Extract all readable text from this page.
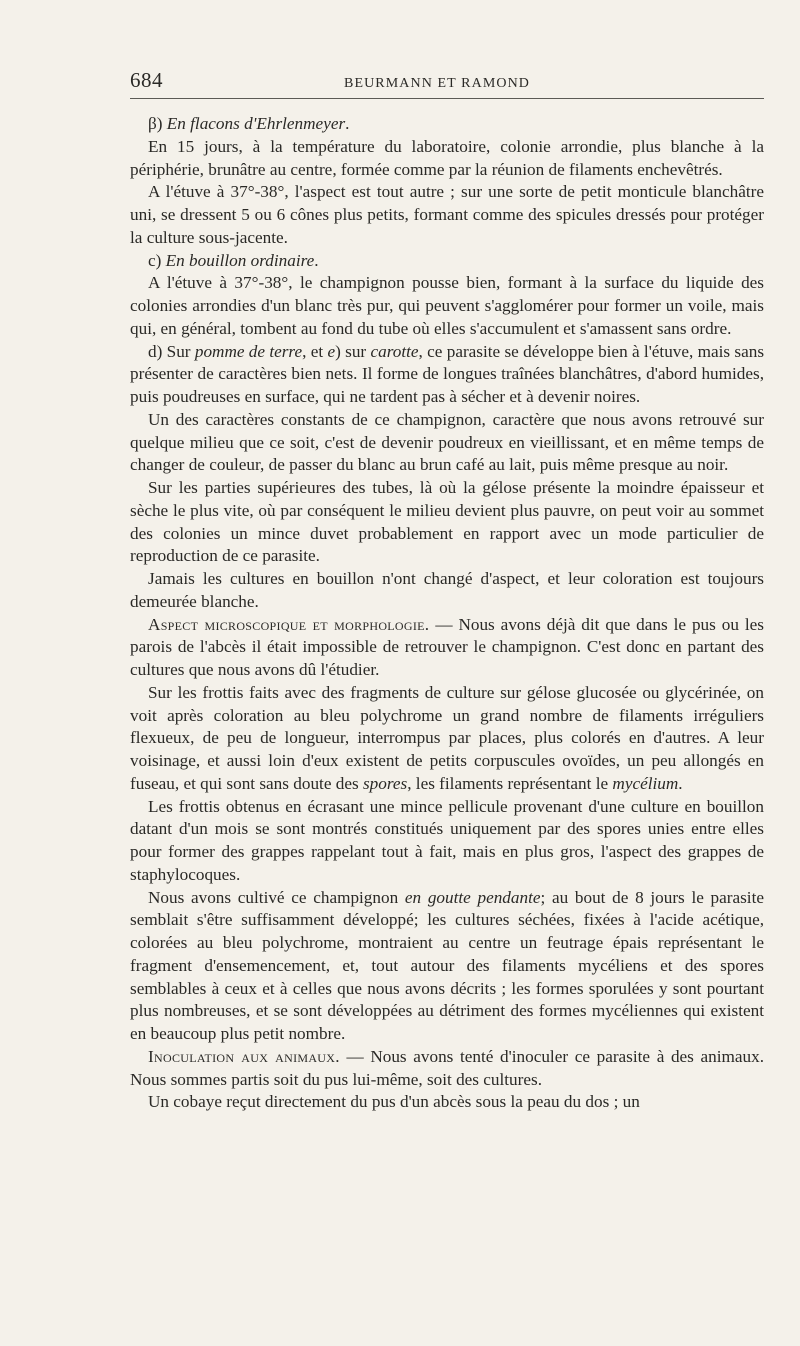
684	BEURMANN ET RAMOND

β) En flacons d'Ehrlenmeyer.

En 15 jours, à la température du laboratoire, colonie arrondie, plus blanche à la périphérie, brunâtre au centre, formée comme par la réunion de filaments enchevêtrés.

A l'étuve à 37°-38°, l'aspect est tout autre ; sur une sorte de petit monticule blanchâtre uni, se dressent 5 ou 6 cônes plus petits, formant comme des spicules dressés pour protéger la culture sous-jacente.

c) En bouillon ordinaire.

A l'étuve à 37°-38°, le champignon pousse bien, formant à la surface du liquide des colonies arrondies d'un blanc très pur, qui peuvent s'agglomérer pour former un voile, mais qui, en général, tombent au fond du tube où elles s'accumulent et s'amassent sans ordre.

d) Sur pomme de terre, et e) sur carotte, ce parasite se développe bien à l'étuve, mais sans présenter de caractères bien nets. Il forme de longues traînées blanchâtres, d'abord humides, puis poudreuses en surface, qui ne tardent pas à sécher et à devenir noires.

Un des caractères constants de ce champignon, caractère que nous avons retrouvé sur quelque milieu que ce soit, c'est de devenir poudreux en vieillissant, et en même temps de changer de couleur, de passer du blanc au brun café au lait, puis même presque au noir.

Sur les parties supérieures des tubes, là où la gélose présente la moindre épaisseur et sèche le plus vite, où par conséquent le milieu devient plus pauvre, on peut voir au sommet des colonies un mince duvet probablement en rapport avec un mode particulier de reproduction de ce parasite.

Jamais les cultures en bouillon n'ont changé d'aspect, et leur coloration est toujours demeurée blanche.

Aspect microscopique et morphologie. — Nous avons déjà dit que dans le pus ou les parois de l'abcès il était impossible de retrouver le champignon. C'est donc en partant des cultures que nous avons dû l'étudier.

Sur les frottis faits avec des fragments de culture sur gélose glucosée ou glycérinée, on voit après coloration au bleu polychrome un grand nombre de filaments irréguliers flexueux, de peu de longueur, interrompus par places, plus colorés en d'autres. A leur voisinage, et aussi loin d'eux existent de petits corpuscules ovoïdes, un peu allongés en fuseau, et qui sont sans doute des spores, les filaments représentant le mycélium.

Les frottis obtenus en écrasant une mince pellicule provenant d'une culture en bouillon datant d'un mois se sont montrés constitués uniquement par des spores unies entre elles pour former des grappes rappelant tout à fait, mais en plus gros, l'aspect des grappes de staphylocoques.

Nous avons cultivé ce champignon en goutte pendante; au bout de 8 jours le parasite semblait s'être suffisamment développé; les cultures séchées, fixées à l'acide acétique, colorées au bleu polychrome, montraient au centre un feutrage épais représentant le fragment d'ensemencement, et, tout autour des filaments mycéliens et des spores semblables à ceux et à celles que nous avons décrits ; les formes sporulées y sont pourtant plus nombreuses, et se sont développées au détriment des formes mycéliennes qui existent en beaucoup plus petit nombre.

Inoculation aux animaux. — Nous avons tenté d'inoculer ce parasite à des animaux. Nous sommes partis soit du pus lui-même, soit des cultures.

Un cobaye reçut directement du pus d'un abcès sous la peau du dos ; un
